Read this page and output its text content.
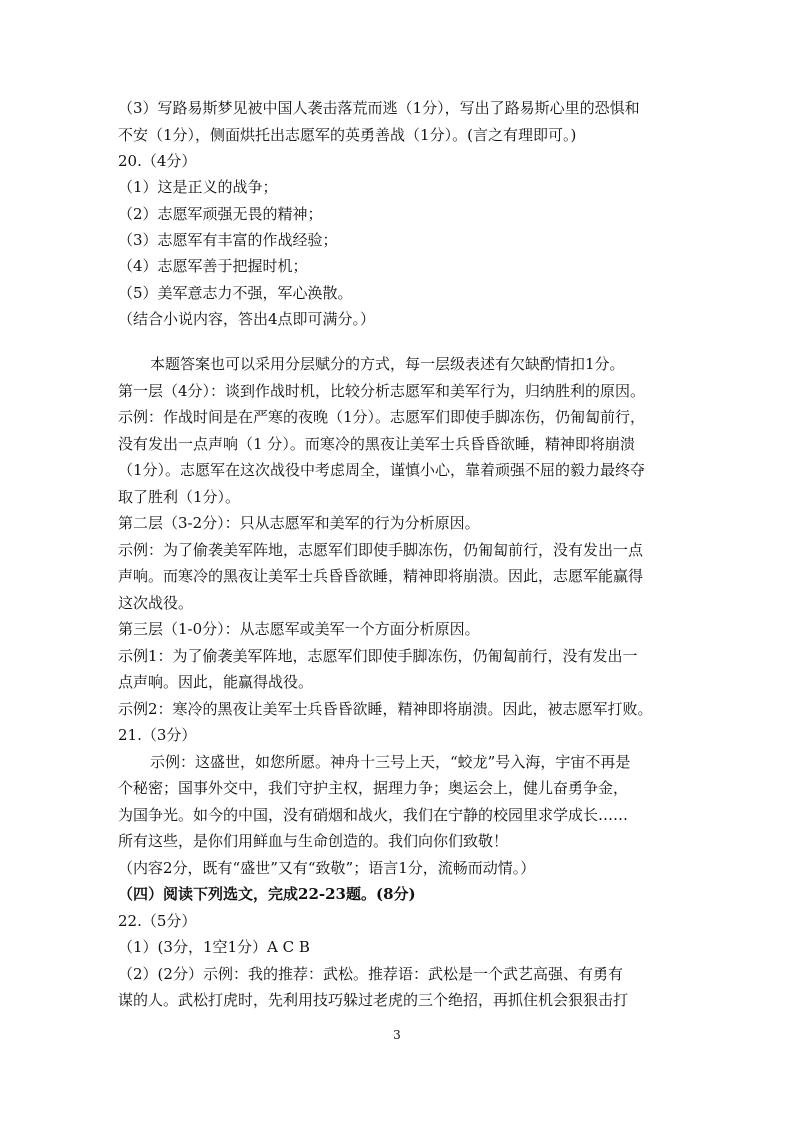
（3）写路易斯梦见被中国人袭击落荒而逃（1分），写出了路易斯心里的恐惧和
不安（1分），侧面烘托出志愿军的英勇善战（1分）。(言之有理即可。)
20.（4分）
（1）这是正义的战争；
（2）志愿军顽强无畏的精神；
（3）志愿军有丰富的作战经验；
（4）志愿军善于把握时机；
（5）美军意志力不强，军心涣散。
（结合小说内容，答出4点即可满分。）
本题答案也可以采用分层赋分的方式，每一层级表述有欠缺酌情扣1分。
第一层（4分）：谈到作战时机，比较分析志愿军和美军行为，归纳胜利的原因。
示例：作战时间是在严寒的夜晚（1分）。志愿军们即使手脚冻伤，仍匍匐前行，
没有发出一点声响（1 分）。而寒冷的黑夜让美军士兵昏昏欲睡，精神即将崩溃
（1分）。志愿军在这次战役中考虑周全，谨慎小心，靠着顽强不屈的毅力最终夺
取了胜利（1分）。
第二层（3-2分）：只从志愿军和美军的行为分析原因。
示例：为了偷袭美军阵地，志愿军们即使手脚冻伤，仍匍匐前行，没有发出一点
声响。而寒冷的黑夜让美军士兵昏昏欲睡，精神即将崩溃。因此，志愿军能赢得
这次战役。
第三层（1-0分）：从志愿军或美军一个方面分析原因。
示例1：为了偷袭美军阵地，志愿军们即使手脚冻伤，仍匍匐前行，没有发出一
点声响。因此，能赢得战役。
示例2：寒冷的黑夜让美军士兵昏昏欲睡，精神即将崩溃。因此，被志愿军打败。
21.（3分）
示例：这盛世，如您所愿。神舟十三号上天，“蛟龙”号入海，宇宙不再是
个秘密；国事外交中，我们守护主权，据理力争；奥运会上，健儿奋勇争金，
为国争光。如今的中国，没有硝烟和战火，我们在宁静的校园里求学成长……
所有这些，是你们用鲜血与生命创造的。我们向你们致敬！
（内容2分，既有“盛世”又有“致敬”；语言1分，流畅而动情。）
（四）阅读下列选文，完成22-23题。(8分)
22.（5分）
（1）(3分，1空1分）A C B
（2）(2分）示例：我的推荐：武松。推荐语：武松是一个武艺高强、有勇有
谋的人。武松打虎时，先利用技巧躲过老虎的三个绝招，再抓住机会狠狠击打
3
